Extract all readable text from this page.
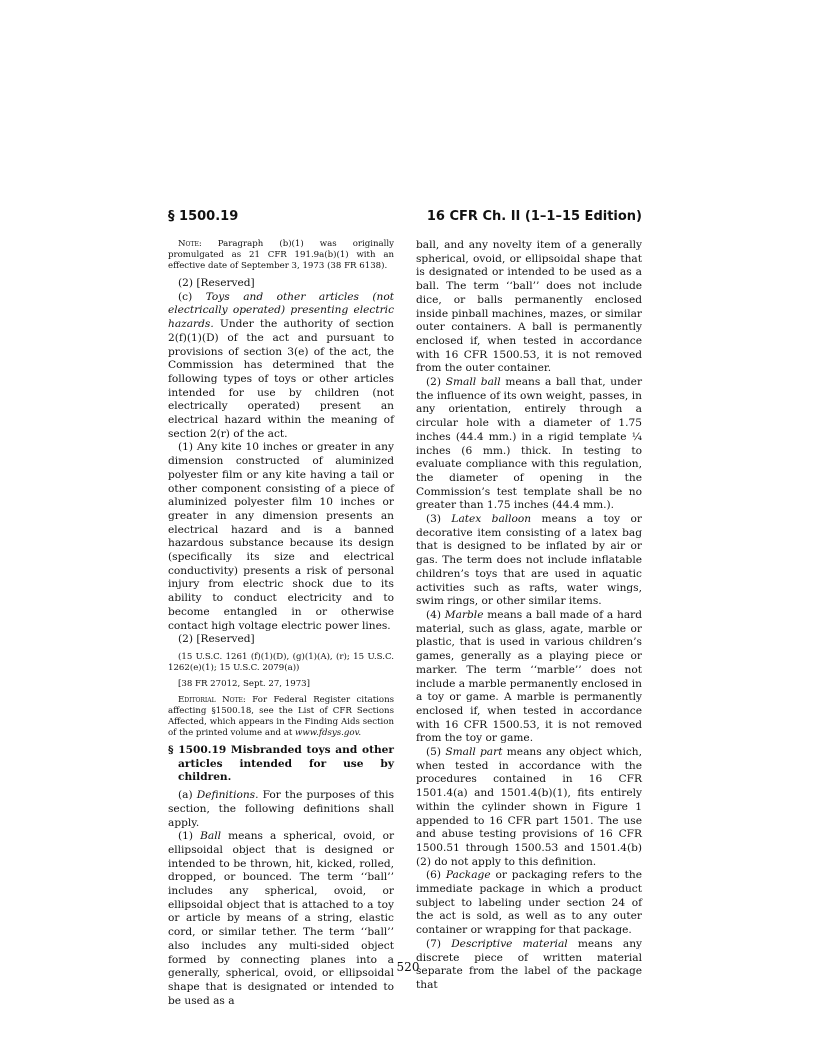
§ 1500.19	16 CFR Ch. II (1–1–15 Edition)

Note: Paragraph (b)(1) was originally promulgated as 21 CFR 191.9a(b)(1) with an effective date of September 3, 1973 (38 FR 6138).

(2) [Reserved]

(c) Toys and other articles (not electrically operated) presenting electric hazards. Under the authority of section 2(f)(1)(D) of the act and pursuant to provisions of section 3(e) of the act, the Commission has determined that the following types of toys or other articles intended for use by children (not electrically operated) present an electrical hazard within the meaning of section 2(r) of the act.

(1) Any kite 10 inches or greater in any dimension constructed of aluminized polyester film or any kite having a tail or other component consisting of a piece of aluminized polyester film 10 inches or greater in any dimension presents an electrical hazard and is a banned hazardous substance because its design (specifically its size and electrical conductivity) presents a risk of personal injury from electric shock due to its ability to conduct electricity and to become entangled in or otherwise contact high voltage electric power lines.

(2) [Reserved]

(15 U.S.C. 1261 (f)(1)(D), (g)(1)(A), (r); 15 U.S.C. 1262(e)(1); 15 U.S.C. 2079(a))

[38 FR 27012, Sept. 27, 1973]

Editorial Note: For Federal Register citations affecting §1500.18, see the List of CFR Sections Affected, which appears in the Finding Aids section of the printed volume and at www.fdsys.gov.

§ 1500.19 Misbranded toys and other articles intended for use by children.

(a) Definitions. For the purposes of this section, the following definitions shall apply.

(1) Ball means a spherical, ovoid, or ellipsoidal object that is designed or intended to be thrown, hit, kicked, rolled, dropped, or bounced. The term ‘‘ball’’ includes any spherical, ovoid, or ellipsoidal object that is attached to a toy or article by means of a string, elastic cord, or similar tether. The term ‘‘ball’’ also includes any multi-sided object formed by connecting planes into a generally, spherical, ovoid, or ellipsoidal shape that is designated or intended to be used as a

ball, and any novelty item of a generally spherical, ovoid, or ellipsoidal shape that is designated or intended to be used as a ball. The term ‘‘ball’’ does not include dice, or balls permanently enclosed inside pinball machines, mazes, or similar outer containers. A ball is permanently enclosed if, when tested in accordance with 16 CFR 1500.53, it is not removed from the outer container.

(2) Small ball means a ball that, under the influence of its own weight, passes, in any orientation, entirely through a circular hole with a diameter of 1.75 inches (44.4 mm.) in a rigid template ¼ inches (6 mm.) thick. In testing to evaluate compliance with this regulation, the diameter of opening in the Commission’s test template shall be no greater than 1.75 inches (44.4 mm.).

(3) Latex balloon means a toy or decorative item consisting of a latex bag that is designed to be inflated by air or gas. The term does not include inflatable children’s toys that are used in aquatic activities such as rafts, water wings, swim rings, or other similar items.

(4) Marble means a ball made of a hard material, such as glass, agate, marble or plastic, that is used in various children’s games, generally as a playing piece or marker. The term ‘‘marble’’ does not include a marble permanently enclosed in a toy or game. A marble is permanently enclosed if, when tested in accordance with 16 CFR 1500.53, it is not removed from the toy or game.

(5) Small part means any object which, when tested in accordance with the procedures contained in 16 CFR 1501.4(a) and 1501.4(b)(1), fits entirely within the cylinder shown in Figure 1 appended to 16 CFR part 1501. The use and abuse testing provisions of 16 CFR 1500.51 through 1500.53 and 1501.4(b)(2) do not apply to this definition.

(6) Package or packaging refers to the immediate package in which a product subject to labeling under section 24 of the act is sold, as well as to any outer container or wrapping for that package.

(7) Descriptive material means any discrete piece of written material separate from the label of the package that

520
